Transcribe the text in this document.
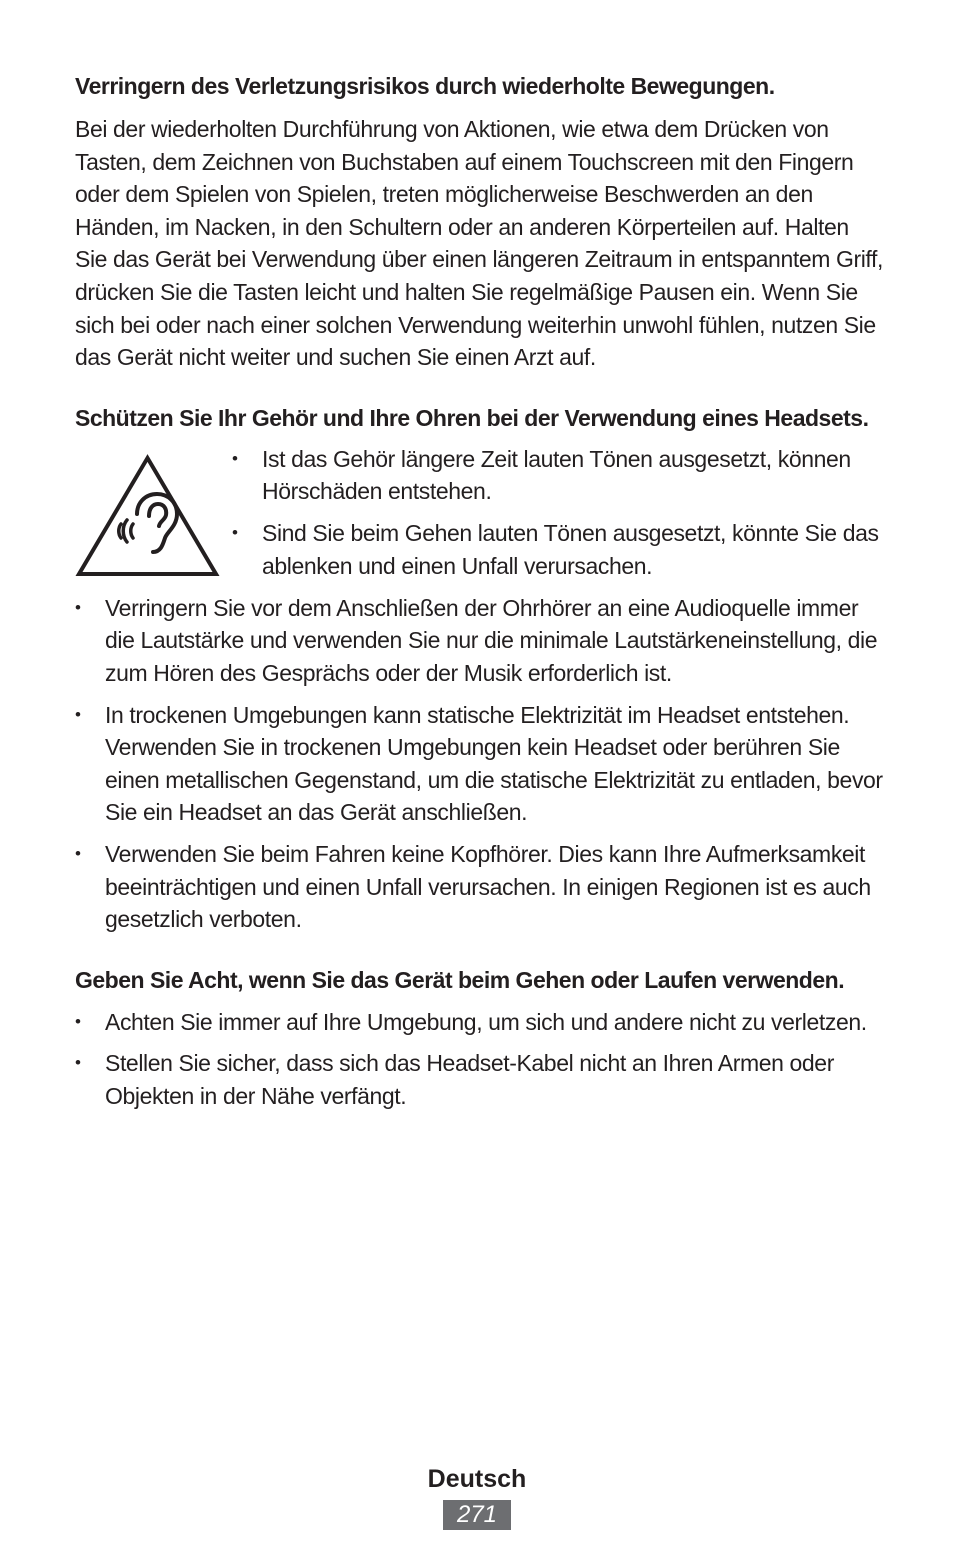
Verringern des Verletzungsrisikos durch wiederholte Bewegungen.

Bei der wiederholten Durchführung von Aktionen, wie etwa dem Drücken von Tasten, dem Zeichnen von Buchstaben auf einem Touchscreen mit den Fingern oder dem Spielen von Spielen, treten möglicherweise Beschwerden an den Händen, im Nacken, in den Schultern oder an anderen Körperteilen auf. Halten Sie das Gerät bei Verwendung über einen längeren Zeitraum in entspanntem Griff, drücken Sie die Tasten leicht und halten Sie regelmäßige Pausen ein. Wenn Sie sich bei oder nach einer solchen Verwendung weiterhin unwohl fühlen, nutzen Sie das Gerät nicht weiter und suchen Sie einen Arzt auf.

Schützen Sie Ihr Gehör und Ihre Ohren bei der Verwendung eines Headsets.

• Ist das Gehör längere Zeit lauten Tönen ausgesetzt, können Hörschäden entstehen.
• Sind Sie beim Gehen lauten Tönen ausgesetzt, könnte Sie das ablenken und einen Unfall verursachen.
• Verringern Sie vor dem Anschließen der Ohrhörer an eine Audioquelle immer die Lautstärke und verwenden Sie nur die minimale Lautstärkeneinstellung, die zum Hören des Gesprächs oder der Musik erforderlich ist.
• In trockenen Umgebungen kann statische Elektrizität im Headset entstehen. Verwenden Sie in trockenen Umgebungen kein Headset oder berühren Sie einen metallischen Gegenstand, um die statische Elektrizität zu entladen, bevor Sie ein Headset an das Gerät anschließen.
• Verwenden Sie beim Fahren keine Kopfhörer. Dies kann Ihre Aufmerksamkeit beeinträchtigen und einen Unfall verursachen. In einigen Regionen ist es auch gesetzlich verboten.

Geben Sie Acht, wenn Sie das Gerät beim Gehen oder Laufen verwenden.

• Achten Sie immer auf Ihre Umgebung, um sich und andere nicht zu verletzen.
• Stellen Sie sicher, dass sich das Headset-Kabel nicht an Ihren Armen oder Objekten in der Nähe verfängt.
Deutsch
271
